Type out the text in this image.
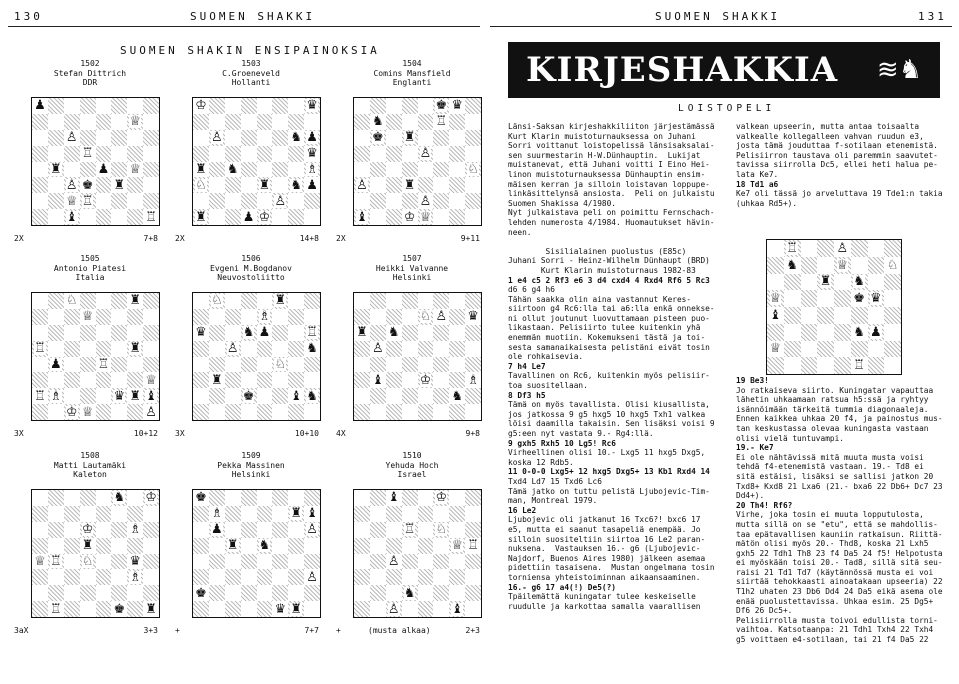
130	SUOMEN SHAKKI
SUOMEN SHAKIN ENSIPAINOKSIA
1502
Stefan Dittrich
DDR
♟
♕
♙
♖
♜	♟ ♕
♙ ♚ ♜
♕ ♖
♝	♖
2X	7+8
1503
C.Groeneveld
Hollanti
♔	♛
♙	♞ ♟
♛
♜ ♞	♗
♘	♜ ♞ ♟
♙
♜	♟ ♔
2X	14+8
1504
Comins Mansfield
Englanti
♚ ♛
♞	♖
♚ ♜
♙
♘
♙	♜
♙
♝	♔ ♕
2X	9+11
1505
Antonio Piatesi
Italia
♘	♜
♕
♖	♜
♟	♖
♕
♖ ♗	♛ ♜ ♝
♔ ♕	♙
3X	10+12
1506
Evgeni M.Bogdanov
Neuvostoliitto
♘	♜
♗
♛	♞ ♟	♖
♙	♞
♘
♜
♚	♝ ♞
3X	10+10
1507
Heikki Valvanne
Helsinki
♘ ♙ ♛
♜ ♞
♙
♝	♔	♗
♞
4X	9+8
1508
Matti Lautamäki
Kaleton
♞ ♔
♔	♗
♜
♕ ♖ ♘	♛
♗
♖	♚ ♜
3aX	3+3
1509
Pekka Massinen
Helsinki
♚
♗	♜ ♝
♟	♙
♜ ♞
♙
♚
♛ ♜
+	7+7
1510
Yehuda Hoch
Israel
♝	♔
♖ ♘
♕ ♖
♙
♞
♙	♝
+	(musta alkaa)	2+3
SUOMEN SHAKKI	131
KIRJESHAKKIA ≋♞
LOISTOPELI
Länsi-Saksan kirjeshakkiliiton järjestämässä
Kurt Klarin muistoturnauksessa on Juhani
Sorri voittanut loistopelissä länsisaksalai-
sen suurmestarin H-W.Dünhauptin.  Lukijat
muistanevat, että Juhani voitti I Eino Hei-
linon muistoturnauksessa Dünhauptin ensim-
mäisen kerran ja silloin loistavan loppupe-
linkäsittelynsä ansiosta.  Peli on julkaistu
Suomen Shakissa 4/1980.
Nyt julkaistava peli on poimittu Fernschach-
lehden numerosta 4/1984. Huomautukset hävin-
neen.

Sisilialainen puolustus (E85c)
Juhani Sorri - Heinz-Wilhelm Dünhaupt (BRD)
Kurt Klarin muistoturnaus 1982-83
1 e4 c5 2 Rf3 e6 3 d4 cxd4 4 Rxd4 Rf6 5 Rc3
d6 6 g4 h6
Tähän saakka olin aina vastannut Keres-
siirtoon g4 Rc6:lla tai a6:lla enkä onnekse-
ni ollut joutunut luovuttamaan pisteen puo-
likastaan. Pelisiirto tulee kuitenkin yhä
enemmän muotiin. Kokemukseni tästä ja toi-
sesta samanaikaisesta pelistäni eivät tosin
ole rohkaisevia.
7 h4 Le7
Tavallinen on Rc6, kuitenkin myös pelisiir-
toa suositellaan.
8 Df3 h5
Tämä on myös tavallista. Olisi kiusallista,
jos jatkossa 9 g5 hxg5 10 hxg5 Txh1 valkea
löisi daamilla takaisin. Sen lisäksi voisi 9
g5:een nyt vastata 9.- Rg4:llä.
9 gxh5 Rxh5 10 Lg5! Rc6
Virheellinen olisi 10.- Lxg5 11 hxg5 Dxg5,
koska 12 Rdb5.
11 0-0-0 Lxg5+ 12 hxg5 Dxg5+ 13 Kb1 Rxd4 14
Txd4 Ld7 15 Txd6 Lc6
Tämä jatko on tuttu pelistä Ljubojevic-Tim-
man, Montreal 1979.
16 Le2
Ljubojevic oli jatkanut 16 Txc6?! bxc6 17
e5, mutta ei saanut tasapeliä enempää. Jo
silloin suositeltiin siirtoa 16 Le2 paran-
nuksena.  Vastauksen 16.- g6 (Ljubojevic-
Najdorf, Buenos Aires 1980) jälkeen asemaa
pidettiin tasaisena.  Mustan ongelmana tosin
torniensa yhteistoiminnan aikaansaaminen.
16.- g6 17 a4(!) De5(?)
Tpäilemättä kuningatar tulee keskeiselle
ruudulle ja karkottaa samalla vaarallisen
valkean upseerin, mutta antaa toisaalta
valkealle kollegalleen vahvan ruudun e3,
josta tämä jouduttaa f-sotilaan etenemistä.
Pelisiirron taustava oli paremmin saavutet-
tavissa siirrolla Dc5, ellei heti halua pe-
lata Ke7.
18 Td1 a6
Ke7 oli tässä jo arveluttava 19 Tde1:n takia
(uhkaa Rd5+).
♖	♙
♞	♕	♘
♜ ♞
♕	♚ ♛
♝
♞ ♟
♕
♖
19 Be3!
Jo ratkaiseva siirto. Kuningatar vapauttaa
lähetin uhkaamaan ratsua h5:ssä ja ryhtyy
isännöimään tärkeitä tummia diagonaaleja.
Ennen kaikkea uhkaa 20 f4, ja painostus mus-
tan keskustassa olevaa kuningasta vastaan
olisi vielä tuntuvampi.
19.- Ke7
Ei ole nähtävissä mitä muuta musta voisi
tehdä f4-etenemistä vastaan. 19.- Td8 ei
sitä estäisi, lisäksi se sallisi jatkon 20
Txd8+ Kxd8 21 Lxa6 (21.- bxa6 22 Db6+ Dc7 23
Dd4+).
20 Th4! Rf6?
Virhe, joka tosin ei muuta lopputulosta,
mutta sillä on se "etu", että se mahdollis-
taa epätavallisen kauniin ratkaisun. Riittä-
mätön olisi myös 20.- Thd8, koska 21 Lxh5
gxh5 22 Tdh1 Th8 23 f4 Da5 24 f5! Helpotusta
ei myöskään toisi 20.- Tad8, sillä sitä seu-
raisi 21 Td1 Td7 (käytännössä musta ei voi
siirtää tehokkaasti ainoatakaan upseeria) 22
T1h2 uhaten 23 Db6 Dd4 24 Da5 eikä asema ole
enää puolustettavissa. Uhkaa esim. 25 Dg5+
Df6 26 Dc5+.
Pelisiirrolla musta toivoi edullista torni-
vaihtoa. Katsotaanpa: 21 Tdh1 Txh4 22 Txh4
g5 voittaen e4-sotilaan, tai 21 f4 Da5 22
